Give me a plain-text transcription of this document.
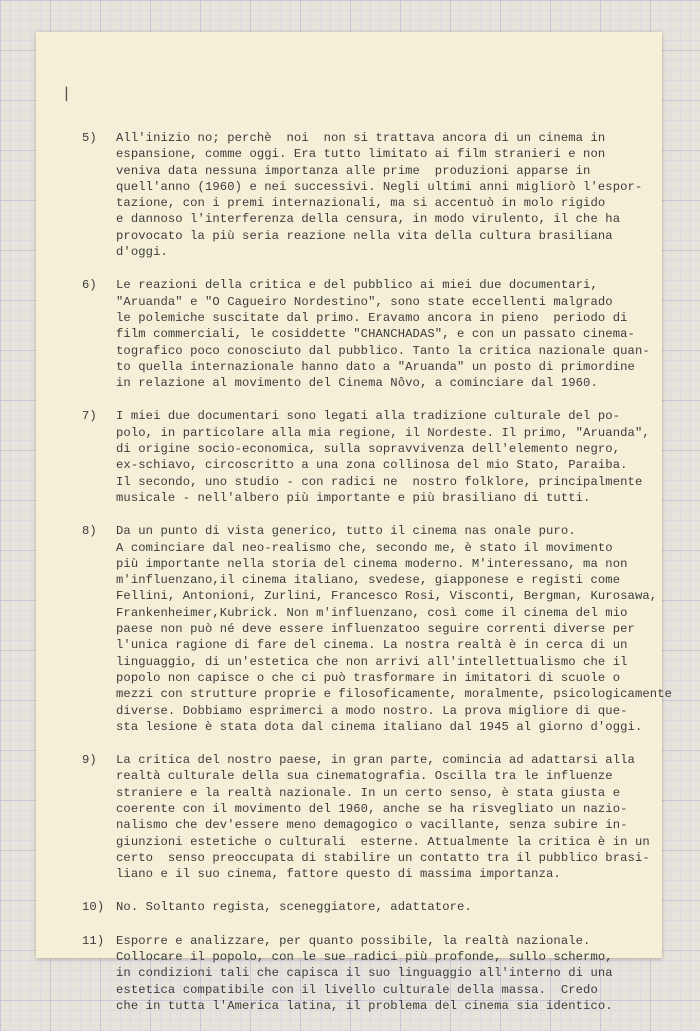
\
5)	All'inizio no; perchè  noi  non si trattava ancora di un cinema in
espansione, comme oggi. Era tutto limitato ai film stranieri e non
veniva data nessuna importanza alle prime  produzioni apparse in
quell'anno (1960) e nei successivi. Negli ultimi anni migliorò l'espor-
tazione, con i premi internazionali, ma si accentuò in molo rigido
e dannoso l'interferenza della censura, in modo virulento, il che ha
provocato la più seria reazione nella vita della cultura brasiliana
d'oggi.
6)	Le reazioni della critica e del pubblico ai miei due documentari,
"Aruanda" e "O Cagueiro Nordestino", sono state eccellenti malgrado
le polemiche suscitate dal primo. Eravamo ancora in pieno  periodo di
film commerciali, le cosiddette "CHANCHADAS", e con un passato cinema-
tografico poco conosciuto dal pubblico. Tanto la critica nazionale quan-
to quella internazionale hanno dato a "Aruanda" un posto di primordine
in relazione al movimento del Cinema Nôvo, a cominciare dal 1960.
7)	I miei due documentari sono legati alla tradizione culturale del po-
polo, in particolare alla mia regione, il Nordeste. Il primo, "Aruanda",
di origine socio-economica, sulla sopravvivenza dell'elemento negro,
ex-schiavo, circoscritto a una zona collinosa del mio Stato, Paraiba.
Il secondo, uno studio - con radici ne  nostro folklore, principalmente
musicale - nell'albero più importante e più brasiliano di tutti.
8)	Da un punto di vista generico, tutto il cinema nas onale puro.
A cominciare dal neo-realismo che, secondo me, è stato il movimento
più importante nella storia del cinema moderno. M'interessano, ma non
m'influenzano,il cinema italiano, svedese, giapponese e registi come
Fellini, Antonioni, Zurlini, Francesco Rosi, Visconti, Bergman, Kurosawa,
Frankenheimer,Kubrick. Non m'influenzano, così come il cinema del mio
paese non può né deve essere influenzatoo seguire correnti diverse per
l'unica ragione di fare del cinema. La nostra realtà è in cerca di un
linguaggio, di un'estetica che non arrivi all'intellettualismo che il
popolo non capisce o che ci può trasformare in imitatori di scuole o
mezzi con strutture proprie e filosoficamente, moralmente, psicologicamente
diverse. Dobbiamo esprimerci a modo nostro. La prova migliore di que-
sta lesione è stata dota dal cinema italiano dal 1945 al giorno d'oggi.
9)	La critica del nostro paese, in gran parte, comincia ad adattarsi alla
realtà culturale della sua cinematografia. Oscilla tra le influenze
straniere e la realtà nazionale. In un certo senso, è stata giusta e
coerente con il movimento del 1960, anche se ha risvegliato un nazio-
nalismo che dev'essere meno demagogico o vacillante, senza subire in-
giunzioni estetiche o culturali  esterne. Attualmente la critica è in un
certo  senso preoccupata di stabilire un contatto tra il pubblico brasi-
liano e il suo cinema, fattore questo di massima importanza.
10) No. Soltanto regista, sceneggiatore, adattatore.
11) Esporre e analizzare, per quanto possibile, la realtà nazionale.
Collocare il popolo, con le sue radici più profonde, sullo schermo,
in condizioni tali che capisca il suo linguaggio all'interno di una
estetica compatibile con il livello culturale della massa.  Credo
che in tutta l'America latina, il problema del cinema sia identico.
